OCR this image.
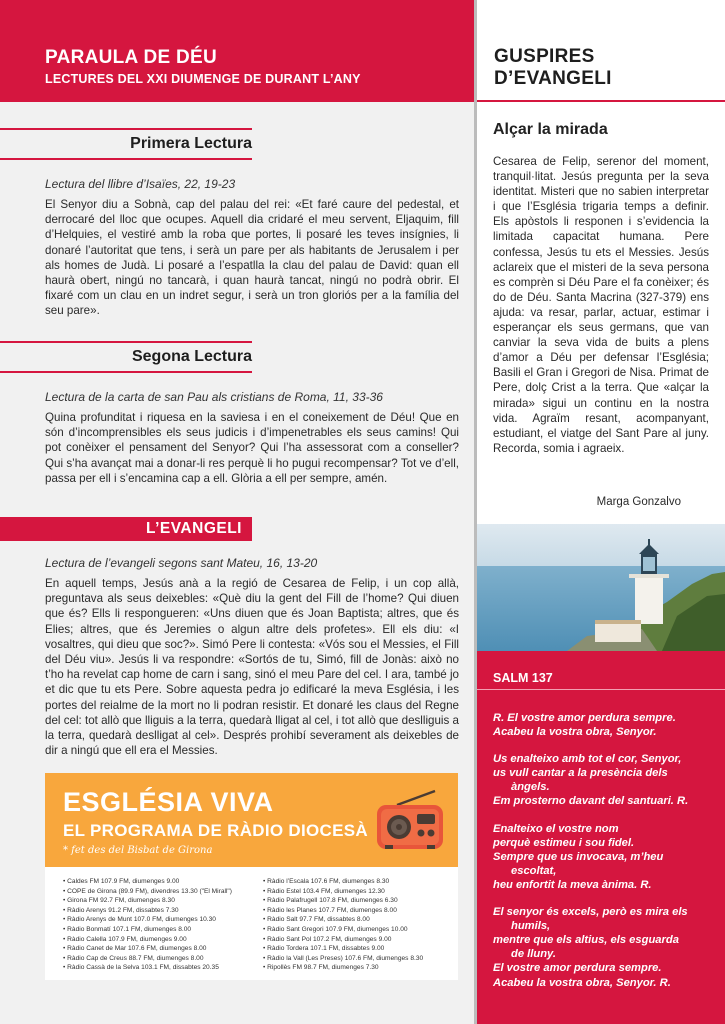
PARAULA DE DÉU
LECTURES DEL XXI DIUMENGE DE DURANT L’ANY
Primera Lectura
Lectura del llibre d’Isaïes, 22, 19-23
El Senyor diu a Sobnà, cap del palau del rei: «Et faré caure del pedestal, et derrocaré del lloc que ocupes. Aquell dia cridaré el meu servent, Eljaquim, fill d’Helquies, el vestiré amb la roba que portes, li posaré les teves insígnies, li donaré l’autoritat que tens, i serà un pare per als habitants de Jerusalem i per als homes de Judà. Li posaré a l’espatlla la clau del palau de David: quan ell haurà obert, ningú no tancarà, i quan haurà tancat, ningú no podrà obrir. El fixaré com un clau en un indret segur, i serà un tron gloriós per a la família del seu pare».
Segona Lectura
Lectura de la carta de san Pau als cristians de Roma, 11, 33-36
Quina profunditat i riquesa en la saviesa i en el coneixement de Déu! Que en són d’incomprensibles els seus judicis i d’impenetrables els seus camins! Qui pot conèixer el pensament del Senyor? Qui l’ha assessorat com a conseller? Qui s’ha avançat mai a donar-li res perquè li ho pugui recompensar? Tot ve d’ell, passa per ell i s’encamina cap a ell. Glòria a ell per sempre, amén.
L’EVANGELI
Lectura de l’evangeli segons sant Mateu, 16, 13-20
En aquell temps, Jesús anà a la regió de Cesarea de Felip, i un cop allà, preguntava als seus deixebles: «Què diu la gent del Fill de l’home? Qui diuen que és? Ells li respongueren: «Uns diuen que és Joan Baptista; altres, que és Elies; altres, que és Jeremies o algun altre dels profetes». Ell els diu: «I vosaltres, qui dieu que soc?». Simó Pere li contesta: «Vós sou el Messies, el Fill del Déu viu». Jesús li va respondre: «Sortós de tu, Simó, fill de Jonàs: això no t’ho ha revelat cap home de carn i sang, sinó el meu Pare del cel. I ara, també jo et dic que tu ets Pere. Sobre aquesta pedra jo edificaré la meva Església, i les portes del reialme de la mort no li podran resistir. Et donaré les claus del Regne del cel: tot allò que lliguis a la terra, quedarà lligat al cel, i tot allò que deslliguis a la terra, quedarà deslligat al cel». Després prohibí severament als deixebles de dir a ningú que ell era el Messies.
ESGLÉSIA VIVA
EL PROGRAMA DE RÀDIO DIOCESÀ
* fet des del Bisbat de Girona
• Caldes FM 107.9 FM, diumenges 9.00
• COPE de Girona (89.9 FM), divendres 13.30 ("El Mirall")
• Girona FM 92.7 FM, diumenges 8.30
• Ràdio Arenys 91.2 FM, dissabtes 7.30
• Ràdio Arenys de Munt 107.0 FM, diumenges 10.30
• Ràdio Bonmatí 107.1 FM, diumenges 8.00
• Ràdio Calella 107.9 FM, diumenges 9.00
• Ràdio Canet de Mar 107.6 FM, diumenges 8.00
• Ràdio Cap de Creus 88.7 FM, diumenges 8.00
• Ràdio Cassà de la Selva 103.1 FM, dissabtes 20.35
• Ràdio l’Escala 107.6 FM, diumenges 8.30
• Ràdio Estel 103.4 FM, diumenges 12.30
• Ràdio Palafrugell 107.8 FM, diumenges 6.30
• Ràdio les Planes 107.7 FM, diumenges 8.00
• Ràdio Salt 97.7 FM, dissabtes 8.00
• Ràdio Sant Gregori 107.9 FM, diumenges 10.00
• Ràdio Sant Pol 107.2 FM, diumenges 9.00
• Ràdio Tordera 107.1 FM, dissabtes 9.00
• Ràdio la Vall (Les Preses) 107.6 FM, diumenges 8.30
• Ripollès FM 98.7 FM, diumenges 7.30
GUSPIRES
D’EVANGELI
Alçar la mirada
Cesarea de Felip, serenor del moment, tranquil·litat. Jesús pregunta per la seva identitat. Misteri que no sabien interpretar i que l’Església trigaria temps a definir. Els apòstols li responen i s’evidencia la limitada capacitat humana. Pere confessa, Jesús tu ets el Messies. Jesús aclareix que el misteri de la seva persona es comprèn si Déu Pare el fa conèixer; és do de Déu. Santa Macrina (327-379) ens ajuda: va resar, parlar, actuar, estimar i esperançar els seus germans, que van canviar la seva vida de buits a plens d’amor a Déu per defensar l’Església; Basili el Gran i Gregori de Nisa. Primat de Pere, dolç Crist a la terra. Que «alçar la mirada» sigui un continu en la nostra vida. Agraïm resant, acompanyant, estudiant, el viatge del Sant Pare al juny. Recorda, somia i agraeix.
Marga Gonzalvo
SALM 137

R. El vostre amor perdura sempre.
Acabeu la vostra obra, Senyor.

Us enalteixo amb tot el cor, Senyor,
us vull cantar a la presència dels
àngels.
Em prosterno davant del santuari. R.

Enalteixo el vostre nom
perquè estimeu i sou fidel.
Sempre que us invocava, m’heu
escoltat,
heu enfortit la meva ànima. R.

El senyor és excels, però es mira els
humils,
mentre que els altius, els esguarda
de lluny.
El vostre amor perdura sempre.
Acabeu la vostra obra, Senyor. R.
